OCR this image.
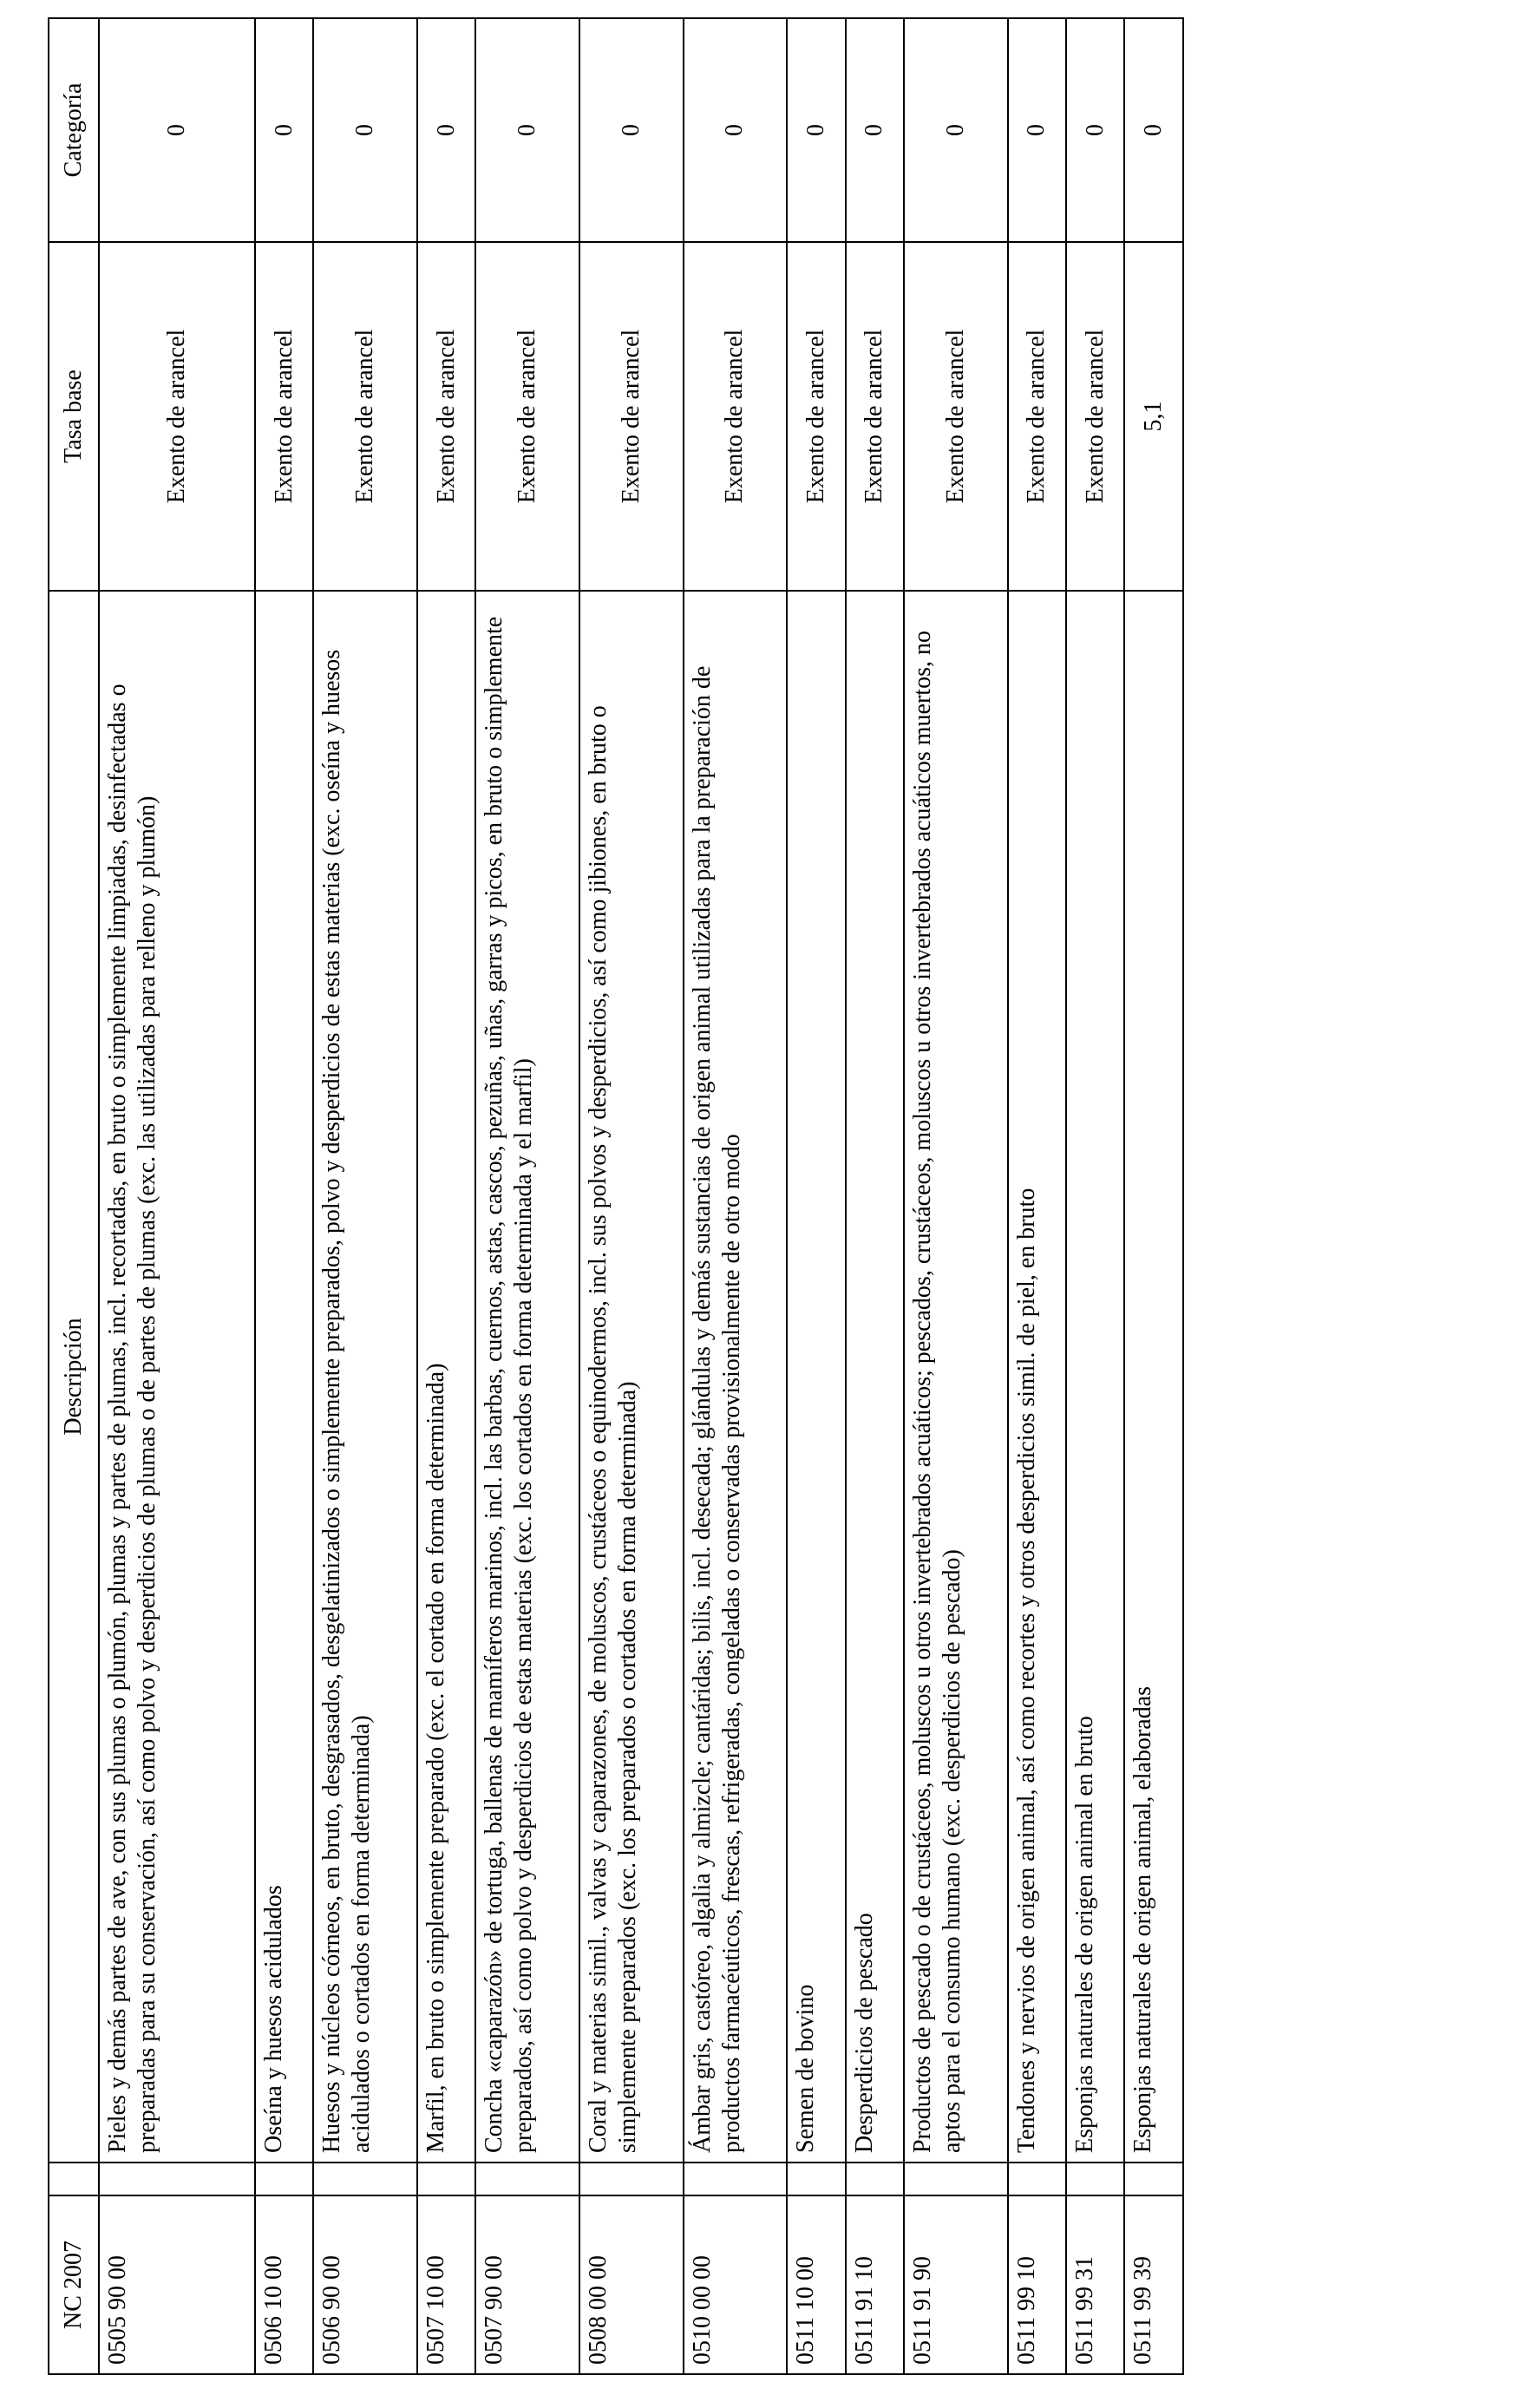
NC 2007		Descripción	Tasa base	Categoría
0505 90 00		Pieles y demás partes de ave, con sus plumas o plumón, plumas y partes de plumas, incl. recortadas, en bruto o simplemente limpiadas, desinfectadas o preparadas para su conservación, así como polvo y desperdicios de plumas o de partes de plumas (exc. las utilizadas para relleno y plumón)	Exento de arancel	0
0506 10 00		Oseína y huesos acidulados	Exento de arancel	0
0506 90 00		Huesos y núcleos córneos, en bruto, desgrasados, desgelatinizados o simplemente preparados, polvo y desperdicios de estas materias (exc. oseína y huesos acidulados o cortados en forma determinada)	Exento de arancel	0
0507 10 00		Marfil, en bruto o simplemente preparado (exc. el cortado en forma determinada)	Exento de arancel	0
0507 90 00		Concha «caparazón» de tortuga, ballenas de mamíferos marinos, incl. las barbas, cuernos, astas, cascos, pezuñas, uñas, garras y picos, en bruto o simplemente preparados, así como polvo y desperdicios de estas materias (exc. los cortados en forma determinada y el marfil)	Exento de arancel	0
0508 00 00		Coral y materias simil., valvas y caparazones, de moluscos, crustáceos o equinodermos, incl. sus polvos y desperdicios, así como jibiones, en bruto o simplemente preparados (exc. los preparados o cortados en forma determinada)	Exento de arancel	0
0510 00 00		Ámbar gris, castóreo, algalia y almizcle; cantáridas; bilis, incl. desecada; glándulas y demás sustancias de origen animal utilizadas para la preparación de productos farmacéuticos, frescas, refrigeradas, congeladas o conservadas provisionalmente de otro modo	Exento de arancel	0
0511 10 00		Semen de bovino	Exento de arancel	0
0511 91 10		Desperdicios de pescado	Exento de arancel	0
0511 91 90		Productos de pescado o de crustáceos, moluscos u otros invertebrados acuáticos; pescados, crustáceos, moluscos u otros invertebrados acuáticos muertos, no aptos para el consumo humano (exc. desperdicios de pescado)	Exento de arancel	0
0511 99 10		Tendones y nervios de origen animal, así como recortes y otros desperdicios simil. de piel, en bruto	Exento de arancel	0
0511 99 31		Esponjas naturales de origen animal en bruto	Exento de arancel	0
0511 99 39		Esponjas naturales de origen animal, elaboradas	5,1	0
